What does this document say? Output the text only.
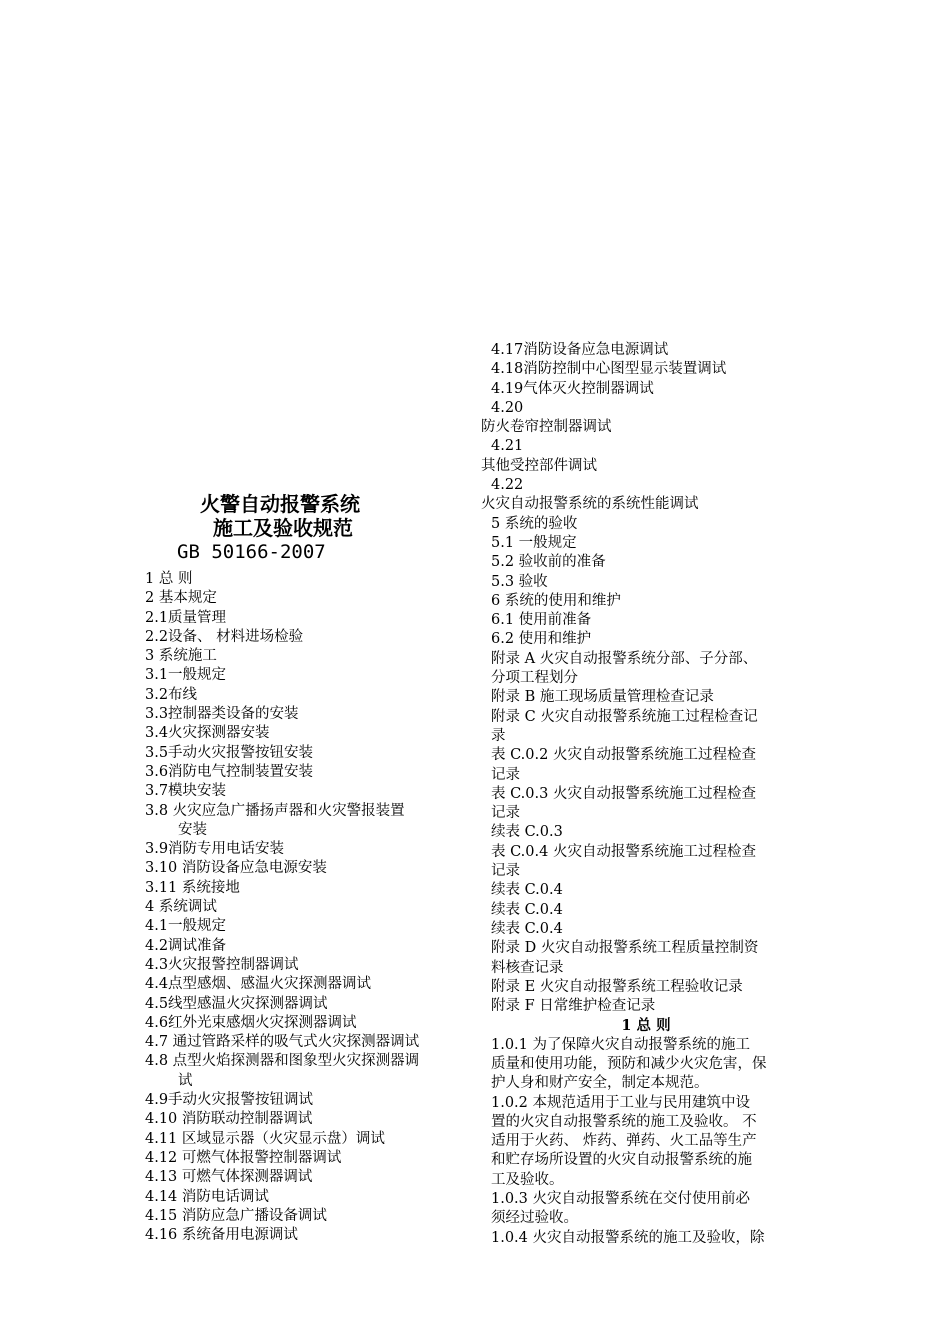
火警自动报警系统
施工及验收规范
GB 50166-2007
1 总 则
2 基本规定
2.1质量管理
2.2设备、 材料进场检验
3 系统施工
3.1一般规定
3.2布线
3.3控制器类设备的安装
3.4火灾探测器安装
3.5手动火灾报警按钮安装
3.6消防电气控制装置安装
3.7模块安装
3.8 火灾应急广播扬声器和火灾警报装置
安装
3.9消防专用电话安装
3.10 消防设备应急电源安装
3.11 系统接地
4 系统调试
4.1一般规定
4.2调试准备
4.3火灾报警控制器调试
4.4点型感烟、感温火灾探测器调试
4.5线型感温火灾探测器调试
4.6红外光束感烟火灾探测器调试
4.7 通过管路采样的吸气式火灾探测器调试
4.8 点型火焰探测器和图象型火灾探测器调
试
4.9手动火灾报警按钮调试
4.10 消防联动控制器调试
4.11 区域显示器（火灾显示盘）调试
4.12 可燃气体报警控制器调试
4.13 可燃气体探测器调试
4.14 消防电话调试
4.15 消防应急广播设备调试
4.16 系统备用电源调试
4.17消防设备应急电源调试
4.18消防控制中心图型显示装置调试
4.19气体灭火控制器调试
4.20
防火卷帘控制器调试
4.21
其他受控部件调试
4.22
火灾自动报警系统的系统性能调试
5 系统的验收
5.1 一般规定
5.2 验收前的准备
5.3 验收
6 系统的使用和维护
6.1 使用前准备
6.2 使用和维护
附录 A 火灾自动报警系统分部、子分部、
分项工程划分
附录 B 施工现场质量管理检查记录
附录 C 火灾自动报警系统施工过程检查记
录
表 C.0.2 火灾自动报警系统施工过程检查
记录
表 C.0.3 火灾自动报警系统施工过程检查
记录
续表 C.0.3
表 C.0.4 火灾自动报警系统施工过程检查
记录
续表 C.0.4
续表 C.0.4
续表 C.0.4
附录 D 火灾自动报警系统工程质量控制资
料核查记录
附录 E 火灾自动报警系统工程验收记录
附录 F 日常维护检查记录
1 总 则
1.0.1 为了保障火灾自动报警系统的施工
质量和使用功能，预防和减少火灾危害，保
护人身和财产安全，制定本规范。
1.0.2 本规范适用于工业与民用建筑中设
置的火灾自动报警系统的施工及验收。 不
适用于火药、 炸药、弹药、火工品等生产
和贮存场所设置的火灾自动报警系统的施
工及验收。
1.0.3 火灾自动报警系统在交付使用前必
须经过验收。
1.0.4 火灾自动报警系统的施工及验收，除
